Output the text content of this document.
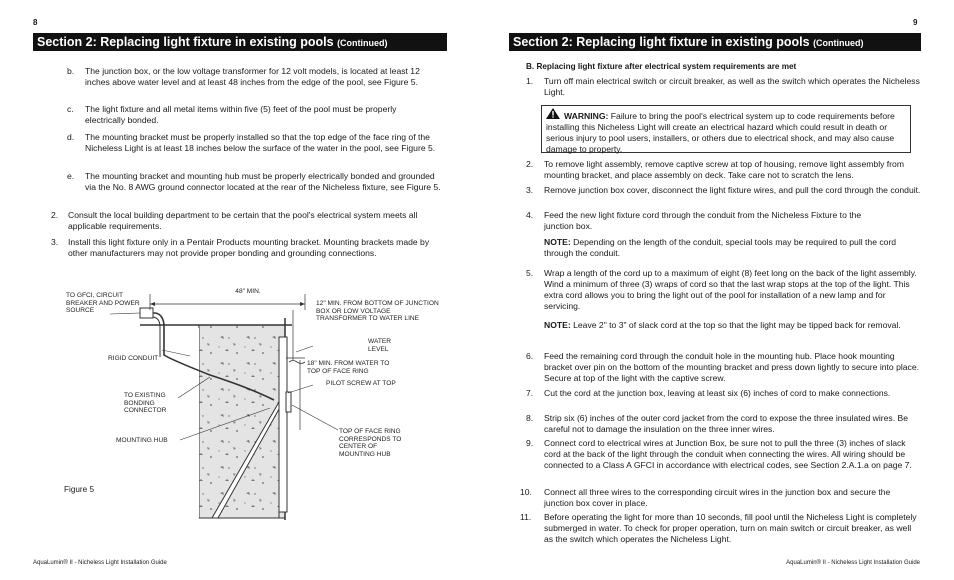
8
Section 2: Replacing light fixture in existing pools (Continued)
b. The junction box, or the low voltage transformer for 12 volt models, is located at least 12 inches above water level and at least 48 inches from the edge of the pool, see Figure 5.
c. The light fixture and all metal items within five (5) feet of the pool must be properly electrically bonded.
d. The mounting bracket must be properly installed so that the top edge of the face ring of the Nicheless Light is at least 18 inches below the surface of the water in the pool, see Figure 5.
e. The mounting bracket and mounting hub must be properly electrically bonded and grounded via the No. 8 AWG ground connector located at the rear of the Nicheless fixture, see Figure 5.
2. Consult the local building department to be certain that the pool's electrical system meets all applicable requirements.
3. Install this light fixture only in a Pentair Products mounting bracket. Mounting brackets made by other manufacturers may not provide proper bonding and grounding connections.
TO GFCI, CIRCUIT BREAKER AND POWER SOURCE
48" MIN.
12" MIN. FROM BOTTOM OF JUNCTION BOX OR LOW VOLTAGE TRANSFORMER TO WATER LINE
WATER LEVEL
RIGID CONDUIT
18" MIN. FROM WATER TO TOP OF FACE RING
PILOT SCREW AT TOP
TO EXISTING BONDING CONNECTOR
MOUNTING HUB
TOP OF FACE RING CORRESPONDS TO CENTER OF MOUNTING HUB
Figure 5
AquaLumin® II - Nicheless Light Installation Guide
9
Section 2: Replacing light fixture in existing pools (Continued)
B. Replacing light fixture after electrical system requirements are met
1. Turn off main electrical switch or circuit breaker, as well as the switch which operates the Nicheless Light.
WARNING: Failure to bring the pool's electrical system up to code requirements before installing this Nicheless Light will create an electrical hazard which could result in death or serious injury to pool users, installers, or others due to electrical shock, and may also cause damage to property.
2. To remove light assembly, remove captive screw at top of housing, remove light assembly from mounting bracket, and place assembly on deck. Take care not to scratch the lens.
3. Remove junction box cover, disconnect the light fixture wires, and pull the cord through the conduit.
4. Feed the new light fixture cord through the conduit from the Nicheless Fixture to the junction box.
NOTE: Depending on the length of the conduit, special tools may be required to pull the cord through the conduit.
5. Wrap a length of the cord up to a maximum of eight (8) feet long on the back of the light assembly. Wind a minimum of three (3) wraps of cord so that the last wrap stops at the top of the light. This extra cord allows you to bring the light out of the pool for installation of a new lamp and for servicing.
NOTE: Leave 2" to 3" of slack cord at the top so that the light may be tipped back for removal.
6. Feed the remaining cord through the conduit hole in the mounting hub. Place hook mounting bracket over pin on the bottom of the mounting bracket and press down lightly to secure into place. Secure at top of the light with the captive screw.
7. Cut the cord at the junction box, leaving at least six (6) inches of cord to make connections.
8. Strip six (6) inches of the outer cord jacket from the cord to expose the three insulated wires. Be careful not to damage the insulation on the three inner wires.
9. Connect cord to electrical wires at Junction Box, be sure not to pull the three (3) inches of slack cord at the back of the light through the conduit when connecting the wires. All wiring should be connected to a Class A GFCI in accordance with electrical codes, see Section 2.A.1.a on page 7.
10. Connect all three wires to the corresponding circuit wires in the junction box and secure the junction box cover in place.
11. Before operating the light for more than 10 seconds, fill pool until the Nicheless Light is completely submerged in water. To check for proper operation, turn on main switch or circuit breaker, as well as the switch which operates the Nicheless Light.
AquaLumin® II - Nicheless Light Installation Guide
